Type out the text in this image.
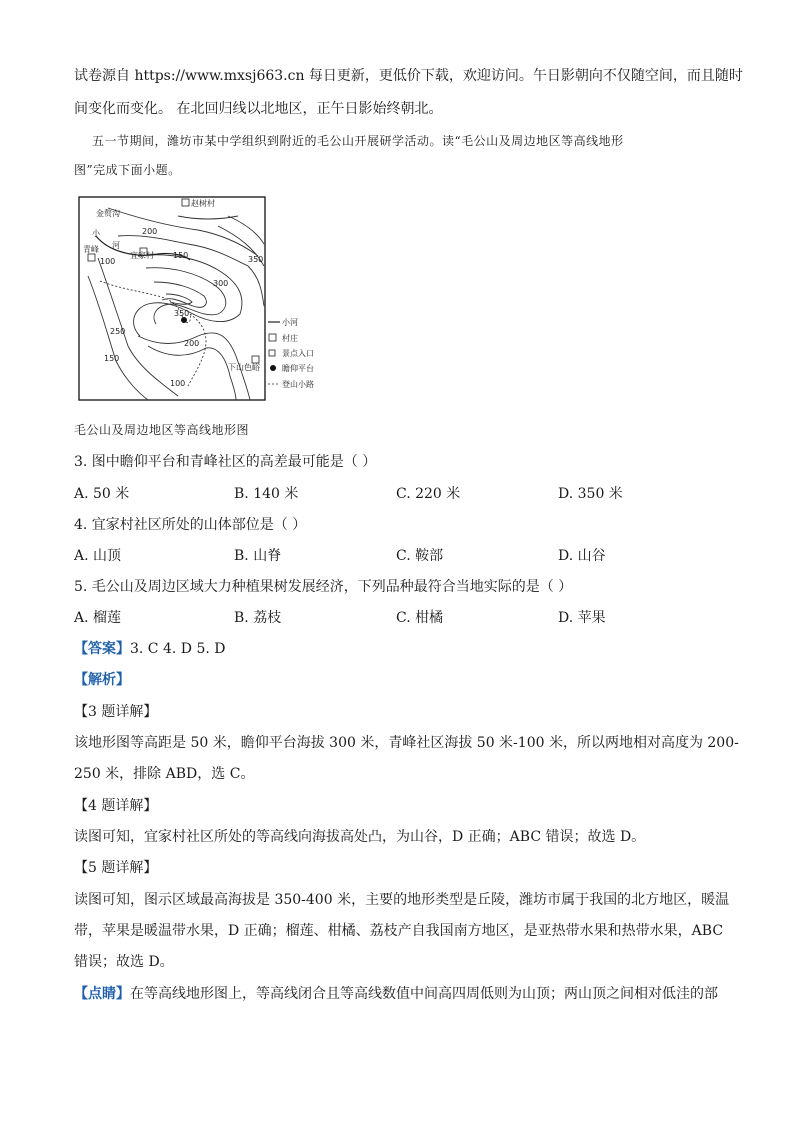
试卷源自 https://www.mxsj663.cn 每日更新，更低价下载，欢迎访问。午日影朝向不仅随空间，而且随时
间变化而变化。 在北回归线以北地区，正午日影始终朝北。
五一节期间，潍坊市某中学组织到附近的毛公山开展研学活动。读“毛公山及周边地区等高线地形
图”完成下面小题。
金赘沟
赵树村
小
青峰 河
宜家村
200
100
150	350
300
350
250
200
150
100
下山色峪
小河
村庄
景点入口
瞻仰平台
登山小路
毛公山及周边地区等高线地形图
3. 图中瞻仰平台和青峰社区的高差最可能是（ ）
A. 50 米	B. 140 米	C. 220 米	D. 350 米
4. 宜家村社区所处的山体部位是（ ）
A. 山顶	B. 山脊	C. 鞍部	D. 山谷
5. 毛公山及周边区域大力种植果树发展经济，下列品种最符合当地实际的是（ ）
A. 榴莲	B. 荔枝	C. 柑橘	D. 苹果
【答案】3. C 4. D 5. D
【解析】
【3 题详解】
该地形图等高距是 50 米，瞻仰平台海拔 300 米，青峰社区海拔 50 米-100 米，所以两地相对高度为 200-
250 米，排除 ABD，选 C。
【4 题详解】
读图可知，宜家村社区所处的等高线向海拔高处凸，为山谷，D 正确；ABC 错误；故选 D。
【5 题详解】
读图可知，图示区域最高海拔是 350-400 米，主要的地形类型是丘陵，潍坊市属于我国的北方地区，暖温
带，苹果是暖温带水果，D 正确；榴莲、柑橘、荔枝产自我国南方地区，是亚热带水果和热带水果，ABC
错误；故选 D。
【点睛】在等高线地形图上，等高线闭合且等高线数值中间高四周低则为山顶；两山顶之间相对低洼的部
